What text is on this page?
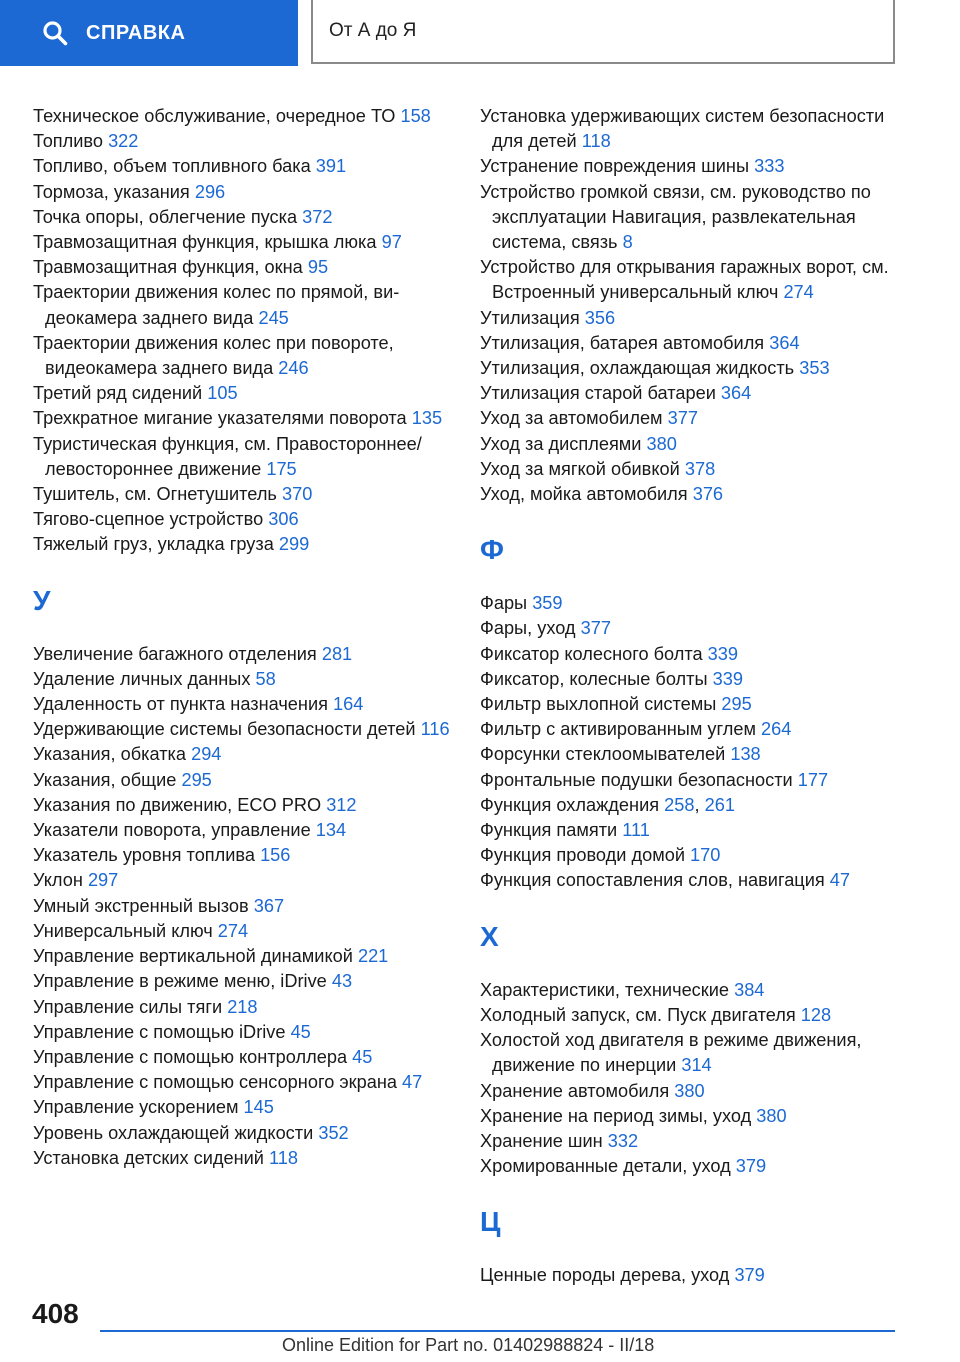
СПРАВКА	От А до Я
Техническое обслуживание, очередное ТО 158
Топливо 322
Топливо, объем топливного бака 391
Тормоза, указания 296
Точка опоры, облегчение пуска 372
Травмозащитная функция, крышка люка 97
Травмозащитная функция, окна 95
Траектории движения колес по прямой, видеокамера заднего вида 245
Траектории движения колес при повороте, видеокамера заднего вида 246
Третий ряд сидений 105
Трехкратное мигание указателями поворота 135
Туристическая функция, см. Правостороннее/левостороннее движение 175
Тушитель, см. Огнетушитель 370
Тягово-сцепное устройство 306
Тяжелый груз, укладка груза 299
У
Увеличение багажного отделения 281
Удаление личных данных 58
Удаленность от пункта назначения 164
Удерживающие системы безопасности детей 116
Указания, обкатка 294
Указания, общие 295
Указания по движению, ECO PRO 312
Указатели поворота, управление 134
Указатель уровня топлива 156
Уклон 297
Умный экстренный вызов 367
Универсальный ключ 274
Управление вертикальной динамикой 221
Управление в режиме меню, iDrive 43
Управление силы тяги 218
Управление с помощью iDrive 45
Управление с помощью контроллера 45
Управление с помощью сенсорного экрана 47
Управление ускорением 145
Уровень охлаждающей жидкости 352
Установка детских сидений 118
Установка удерживающих систем безопасности для детей 118
Устранение повреждения шины 333
Устройство громкой связи, см. руководство по эксплуатации Навигация, развлекательная система, связь 8
Устройство для открывания гаражных ворот, см. Встроенный универсальный ключ 274
Утилизация 356
Утилизация, батарея автомобиля 364
Утилизация, охлаждающая жидкость 353
Утилизация старой батареи 364
Уход за автомобилем 377
Уход за дисплеями 380
Уход за мягкой обивкой 378
Уход, мойка автомобиля 376
Ф
Фары 359
Фары, уход 377
Фиксатор колесного болта 339
Фиксатор, колесные болты 339
Фильтр выхлопной системы 295
Фильтр с активированным углем 264
Форсунки стеклоомывателей 138
Фронтальные подушки безопасности 177
Функция охлаждения 258, 261
Функция памяти 111
Функция проводи домой 170
Функция сопоставления слов, навигация 47
Х
Характеристики, технические 384
Холодный запуск, см. Пуск двигателя 128
Холостой ход двигателя в режиме движения, движение по инерции 314
Хранение автомобиля 380
Хранение на период зимы, уход 380
Хранение шин 332
Хромированные детали, уход 379
Ц
Ценные породы дерева, уход 379
408
Online Edition for Part no. 01402988824 - II/18
